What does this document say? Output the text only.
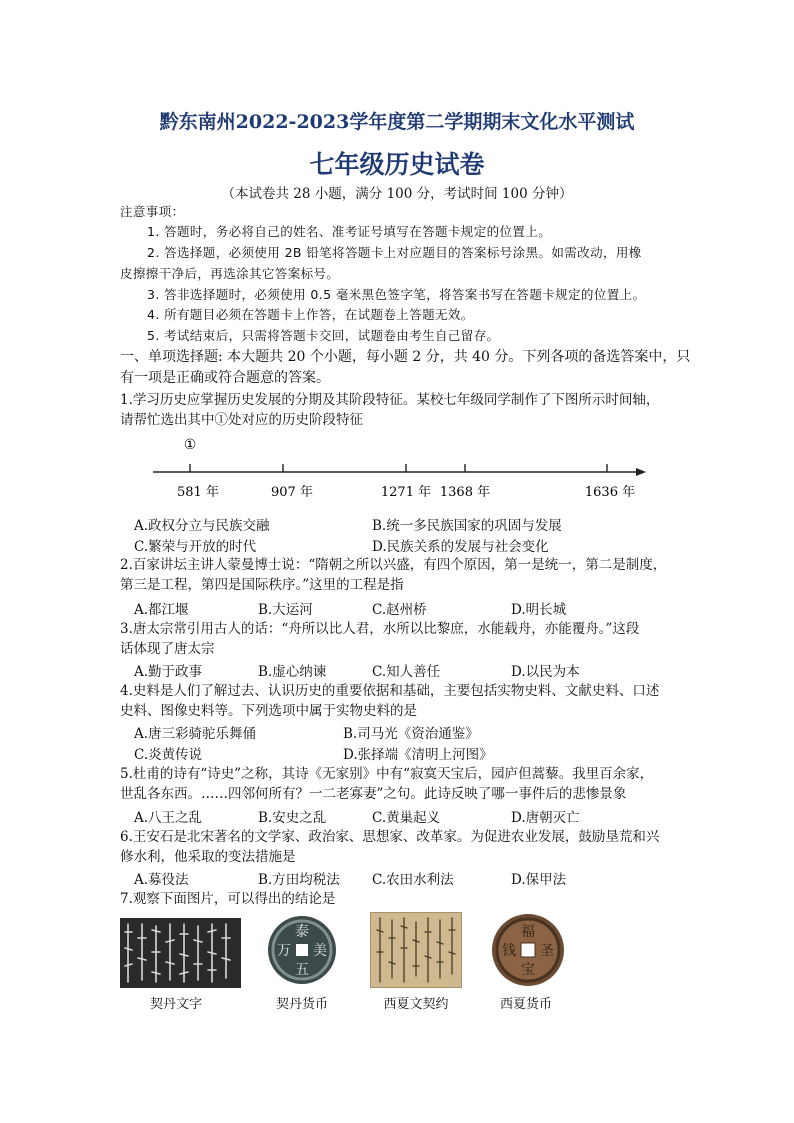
黔东南州2022-2023学年度第二学期期末文化水平测试
七年级历史试卷
（本试卷共 28 小题，满分 100 分，考试时间 100 分钟）
注意事项：
1. 答题时，务必将自己的姓名、准考证号填写在答题卡规定的位置上。
2. 答选择题，必须使用 2B 铅笔将答题卡上对应题目的答案标号涂黑。如需改动，用橡
皮擦擦干净后，再选涂其它答案标号。
3. 答非选择题时，必须使用 0.5 毫米黑色签字笔，将答案书写在答题卡规定的位置上。
4. 所有题目必须在答题卡上作答，在试题卷上答题无效。
5. 考试结束后，只需将答题卡交回，试题卷由考生自己留存。
一、单项选择题: 本大题共 20 个小题，每小题 2 分，共 40 分。下列各项的备选答案中，只
有一项是正确或符合题意的答案。
1.学习历史应掌握历史发展的分期及其阶段特征。某校七年级同学制作了下图所示时间轴，
请帮忙选出其中①处对应的历史阶段特征
①
581 年	907 年	1271 年 1368 年	1636 年
A.政权分立与民族交融	B.统一多民族国家的巩固与发展
C.繁荣与开放的时代	D.民族关系的发展与社会变化
2.百家讲坛主讲人蒙曼博士说：“隋朝之所以兴盛，有四个原因，第一是统一，第二是制度，
第三是工程，第四是国际秩序。”这里的工程是指
A.都江堰	B.大运河	C.赵州桥	D.明长城
3.唐太宗常引用古人的话：“舟所以比人君，水所以比黎庶，水能载舟，亦能覆舟。”这段
话体现了唐太宗
A.勤于政事	B.虚心纳谏	C.知人善任	D.以民为本
4.史料是人们了解过去、认识历史的重要依据和基础，主要包括实物史料、文献史料、口述
史料、图像史料等。下列选项中属于实物史料的是
A.唐三彩骑驼乐舞俑	B.司马光《资治通鉴》
C.炎黄传说	D.张择端《清明上河图》
5.杜甫的诗有“诗史”之称，其诗《无家别》中有“寂寞天宝后，园庐但蒿藜。我里百余家，
世乱各东西。……四邻何所有？一二老寡妻”之句。此诗反映了哪一事件后的悲惨景象
A.八王之乱	B.安史之乱	C.黄巢起义	D.唐朝灭亡
6.王安石是北宋著名的文学家、政治家、思想家、改革家。为促进农业发展，鼓励垦荒和兴
修水利，他采取的变法措施是
A.募役法	B.方田均税法 C.农田水利法	D.保甲法
7.观察下面图片，可以得出的结论是
泰
美
五
万
福
圣
宝
钱
契丹文字	契丹货币	西夏文契约	西夏货币
